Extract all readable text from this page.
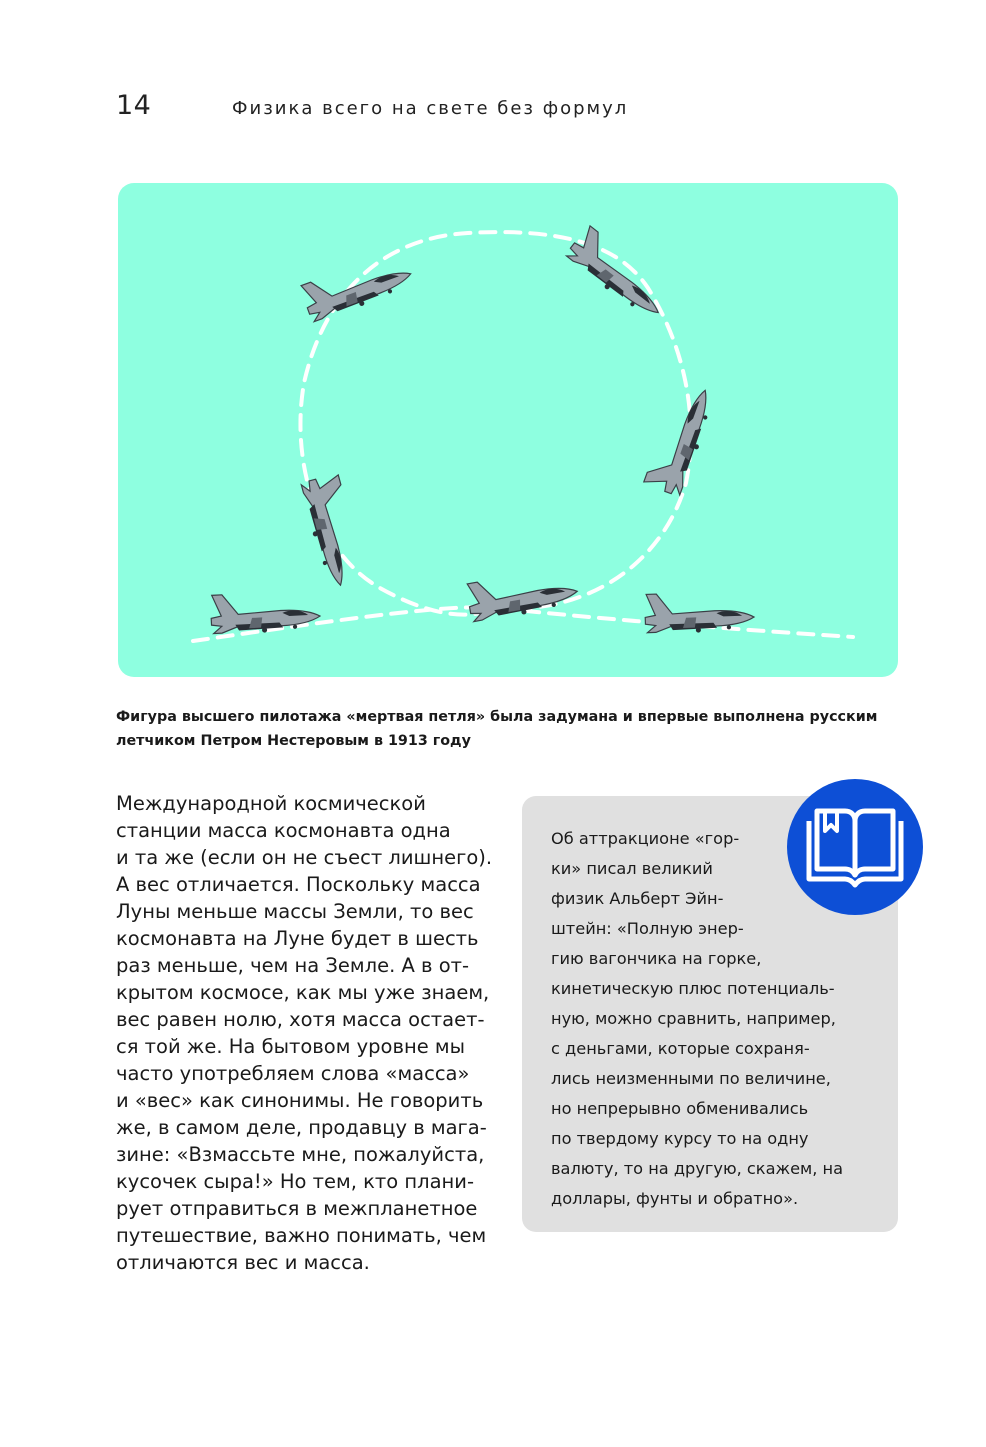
14	Физика всего на свете без формул
Фигура высшего пилотажа «мертвая петля» была задумана и впервые выполнена русским летчиком Петром Нестеровым в 1913 году
Международной космической
станции масса космонавта одна
и та же (если он не съест лишнего).
А вес отличается. Поскольку масса
Луны меньше массы Земли, то вес
космонавта на Луне будет в шесть
раз меньше, чем на Земле. А в от-
крытом космосе, как мы уже знаем,
вес равен нолю, хотя масса остает-
ся той же. На бытовом уровне мы
часто употребляем слова «масса»
и «вес» как синонимы. Не говорить
же, в самом деле, продавцу в мага-
зине: «Взмассьте мне, пожалуйста,
кусочек сыра!» Но тем, кто плани-
рует отправиться в межпланетное
путешествие, важно понимать, чем
отличаются вес и масса.
Об аттракционе «гор-
ки» писал великий
физик Альберт Эйн-
штейн: «Полную энер-
гию вагончика на горке,
кинетическую плюс потенциаль-
ную, можно сравнить, например,
с деньгами, которые сохраня-
лись неизменными по величине,
но непрерывно обменивались
по твердому курсу то на одну
валюту, то на другую, скажем, на
доллары, фунты и обратно».
